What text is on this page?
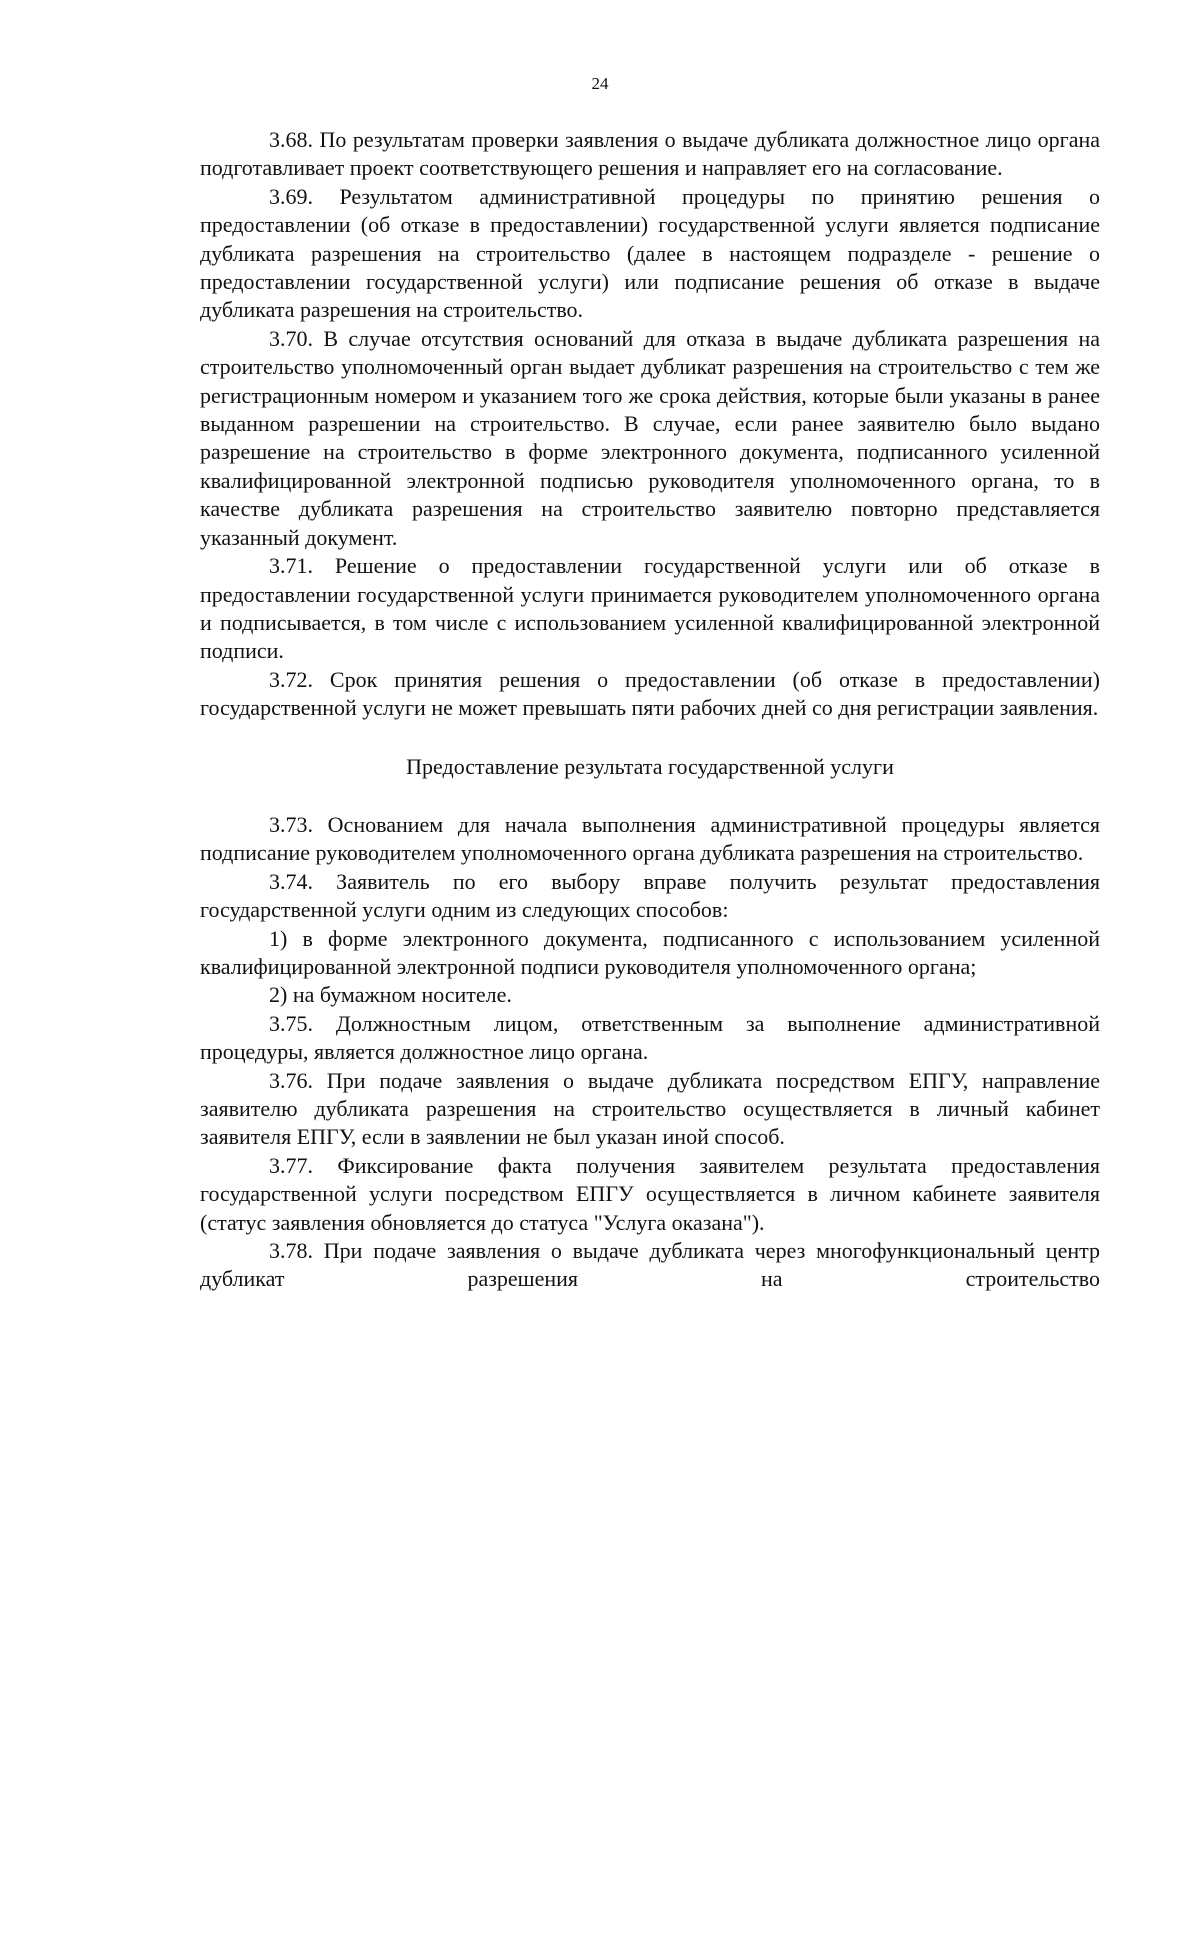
24

3.68. По результатам проверки заявления о выдаче дубликата должностное лицо органа подготавливает проект соответствующего решения и направляет его на согласование.

3.69. Результатом административной процедуры по принятию решения о предоставлении (об отказе в предоставлении) государственной услуги является подписание дубликата разрешения на строительство (далее в настоящем подразделе - решение о предоставлении государственной услуги) или подписание решения об отказе в выдаче дубликата разрешения на строительство.

3.70. В случае отсутствия оснований для отказа в выдаче дубликата разрешения на строительство уполномоченный орган выдает дубликат разрешения на строительство с тем же регистрационным номером и указанием того же срока действия, которые были указаны в ранее выданном разрешении на строительство. В случае, если ранее заявителю было выдано разрешение на строительство в форме электронного документа, подписанного усиленной квалифицированной электронной подписью руководителя уполномоченного органа, то в качестве дубликата разрешения на строительство заявителю повторно представляется указанный документ.

3.71. Решение о предоставлении государственной услуги или об отказе в предоставлении государственной услуги принимается руководителем уполномоченного органа и подписывается, в том числе с использованием усиленной квалифицированной электронной подписи.

3.72. Срок принятия решения о предоставлении (об отказе в предоставлении) государственной услуги не может превышать пяти рабочих дней со дня регистрации заявления.

Предоставление результата государственной услуги

3.73. Основанием для начала выполнения административной процедуры является подписание руководителем уполномоченного органа дубликата разрешения на строительство.

3.74. Заявитель по его выбору вправе получить результат предоставления государственной услуги одним из следующих способов:

1) в форме электронного документа, подписанного с использованием усиленной квалифицированной электронной подписи руководителя уполномоченного органа;

2) на бумажном носителе.

3.75. Должностным лицом, ответственным за выполнение административной процедуры, является должностное лицо органа.

3.76. При подаче заявления о выдаче дубликата посредством ЕПГУ, направление заявителю дубликата разрешения на строительство осуществляется в личный кабинет заявителя ЕПГУ, если в заявлении не был указан иной способ.

3.77. Фиксирование факта получения заявителем результата предоставления государственной услуги посредством ЕПГУ осуществляется в личном кабинете заявителя (статус заявления обновляется до статуса "Услуга оказана").

3.78. При подаче заявления о выдаче дубликата через многофункциональный центр дубликат разрешения на строительство
